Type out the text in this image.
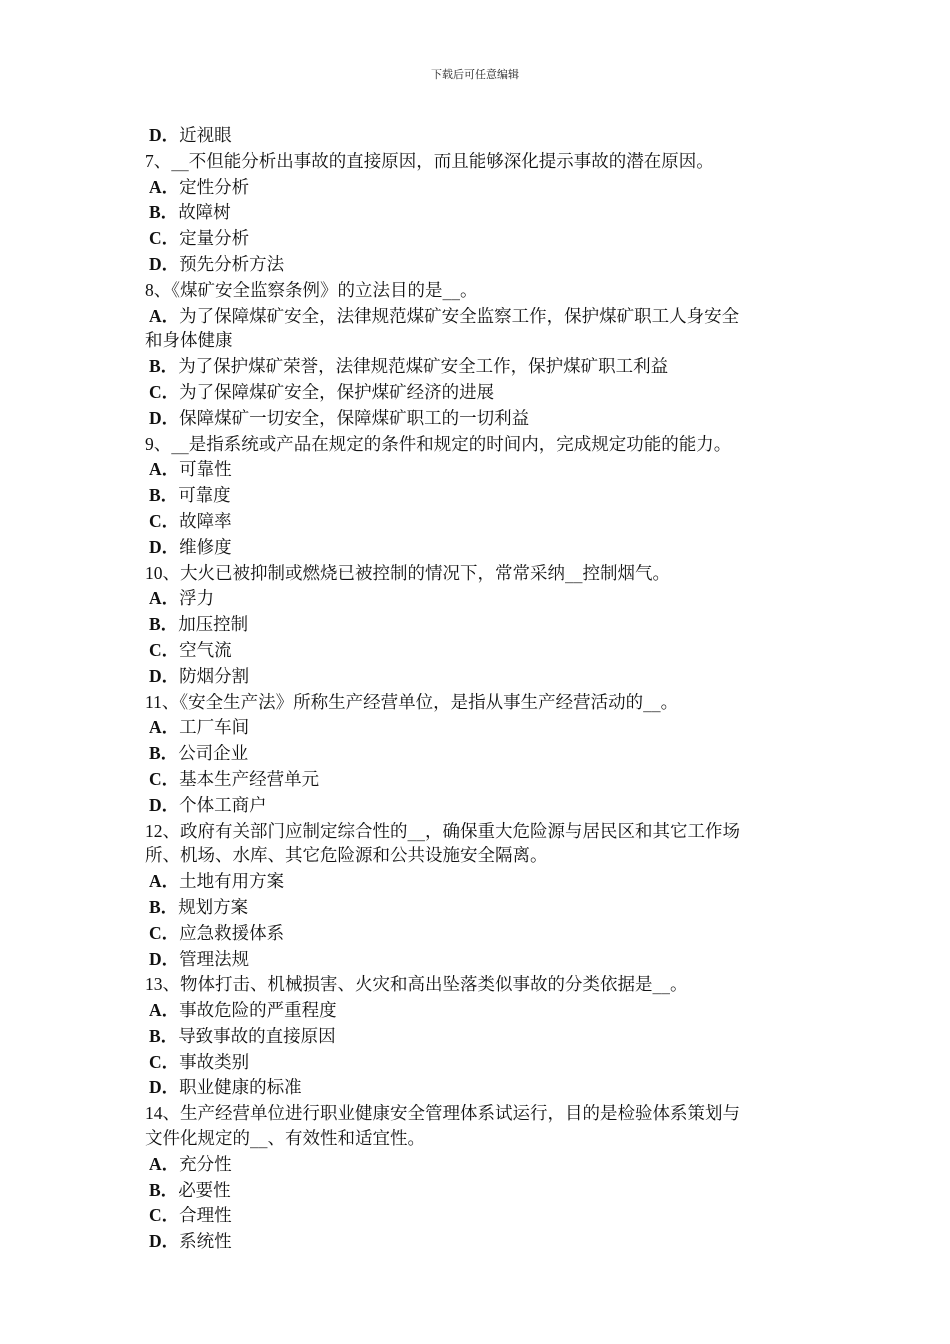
下载后可任意编辑
D．近视眼
7、__不但能分析出事故的直接原因，而且能够深化提示事故的潜在原因。
A．定性分析
B．故障树
C．定量分析
D．预先分析方法
8、《煤矿安全监察条例》的立法目的是__。
A．为了保障煤矿安全，法律规范煤矿安全监察工作，保护煤矿职工人身安全
和身体健康
B．为了保护煤矿荣誉，法律规范煤矿安全工作，保护煤矿职工利益
C．为了保障煤矿安全，保护煤矿经济的进展
D．保障煤矿一切安全，保障煤矿职工的一切利益
9、__是指系统或产品在规定的条件和规定的时间内，完成规定功能的能力。
A．可靠性
B．可靠度
C．故障率
D．维修度
10、大火已被抑制或燃烧已被控制的情况下，常常采纳__控制烟气。
A．浮力
B．加压控制
C．空气流
D．防烟分割
11、《安全生产法》所称生产经营单位，是指从事生产经营活动的__。
A．工厂车间
B．公司企业
C．基本生产经营单元
D．个体工商户
12、政府有关部门应制定综合性的__，确保重大危险源与居民区和其它工作场
所、机场、水库、其它危险源和公共设施安全隔离。
A．土地有用方案
B．规划方案
C．应急救援体系
D．管理法规
13、物体打击、机械损害、火灾和高出坠落类似事故的分类依据是__。
A．事故危险的严重程度
B．导致事故的直接原因
C．事故类别
D．职业健康的标准
14、生产经营单位进行职业健康安全管理体系试运行，目的是检验体系策划与
文件化规定的__、有效性和适宜性。
A．充分性
B．必要性
C．合理性
D．系统性
